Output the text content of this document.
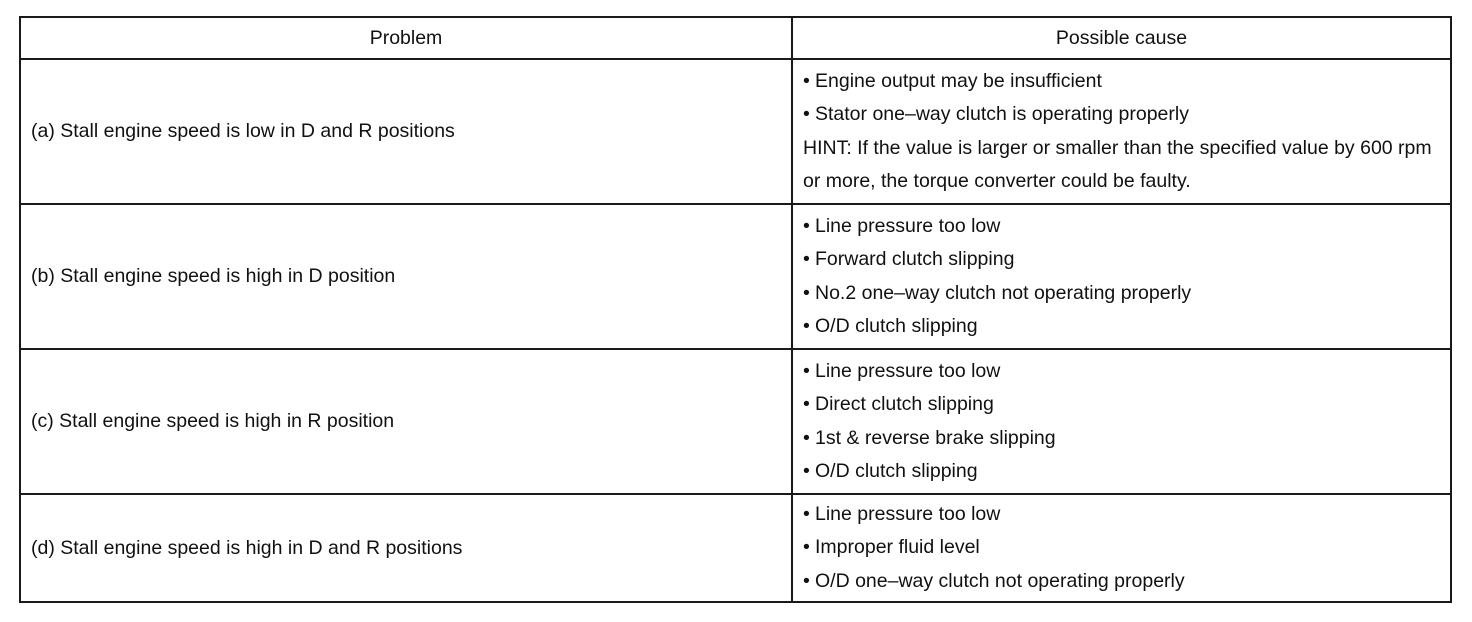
Problem	Possible cause
(a) Stall engine speed is low in D and R positions	• Engine output may be insufficient
• Stator one–way clutch is operating properly
HINT: If the value is larger or smaller than the specified value by 600 rpm or more, the torque converter could be faulty.

(b) Stall engine speed is high in D position	• Line pressure too low
• Forward clutch slipping
• No.2 one–way clutch not operating properly
• O/D clutch slipping

(c) Stall engine speed is high in R position	• Line pressure too low
• Direct clutch slipping
• 1st & reverse brake slipping
• O/D clutch slipping

(d) Stall engine speed is high in D and R positions	• Line pressure too low
• Improper fluid level
• O/D one–way clutch not operating properly
